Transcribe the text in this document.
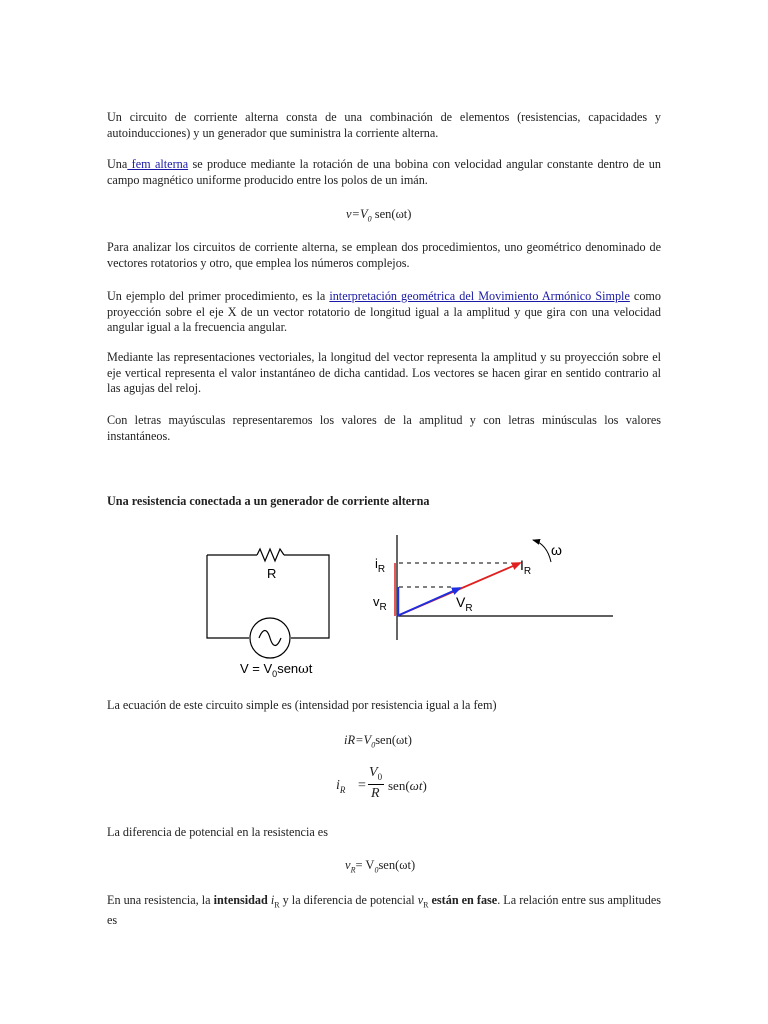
Un circuito de corriente alterna consta de una combinación de elementos (resistencias, capacidades y autoinducciones) y un generador que suministra la corriente alterna.

Una fem alterna se produce mediante la rotación de una bobina con velocidad angular constante dentro de un campo magnético uniforme producido entre los polos de un imán.

$v=V_0$ sen(ωt)

Para analizar los circuitos de corriente alterna, se emplean dos procedimientos, uno geométrico denominado de vectores rotatorios y otro, que emplea los números complejos.

Un ejemplo del primer procedimiento, es la interpretación geométrica del Movimiento Armónico Simple como proyección sobre el eje X de un vector rotatorio de longitud igual a la amplitud y que gira con una velocidad angular igual a la frecuencia angular.

Mediante las representaciones vectoriales, la longitud del vector representa la amplitud y su proyección sobre el eje vertical representa el valor instantáneo de dicha cantidad. Los vectores se hacen girar en sentido contrario al las agujas del reloj.

Con letras mayúsculas representaremos los valores de la amplitud y con letras minúsculas los valores instantáneos.

Una resistencia conectada a un generador de corriente alterna
R
$V = V_0sen\omega t$
$i_R$
$v_R$
$I_R$
$V_R$
ω

La ecuación de este circuito simple es (intensidad por resistencia igual a la fem)

$iR=V_0sen(\omega t)$
$i_R$ =
$V_0$
R
sen(ωt)

La diferencia de potencial en la resistencia es

$v_R= V_0sen(\omega t)$

En una resistencia, la intensidad $i_R$ y la diferencia de potencial $v_R$ están en fase. La relación entre sus amplitudes es
